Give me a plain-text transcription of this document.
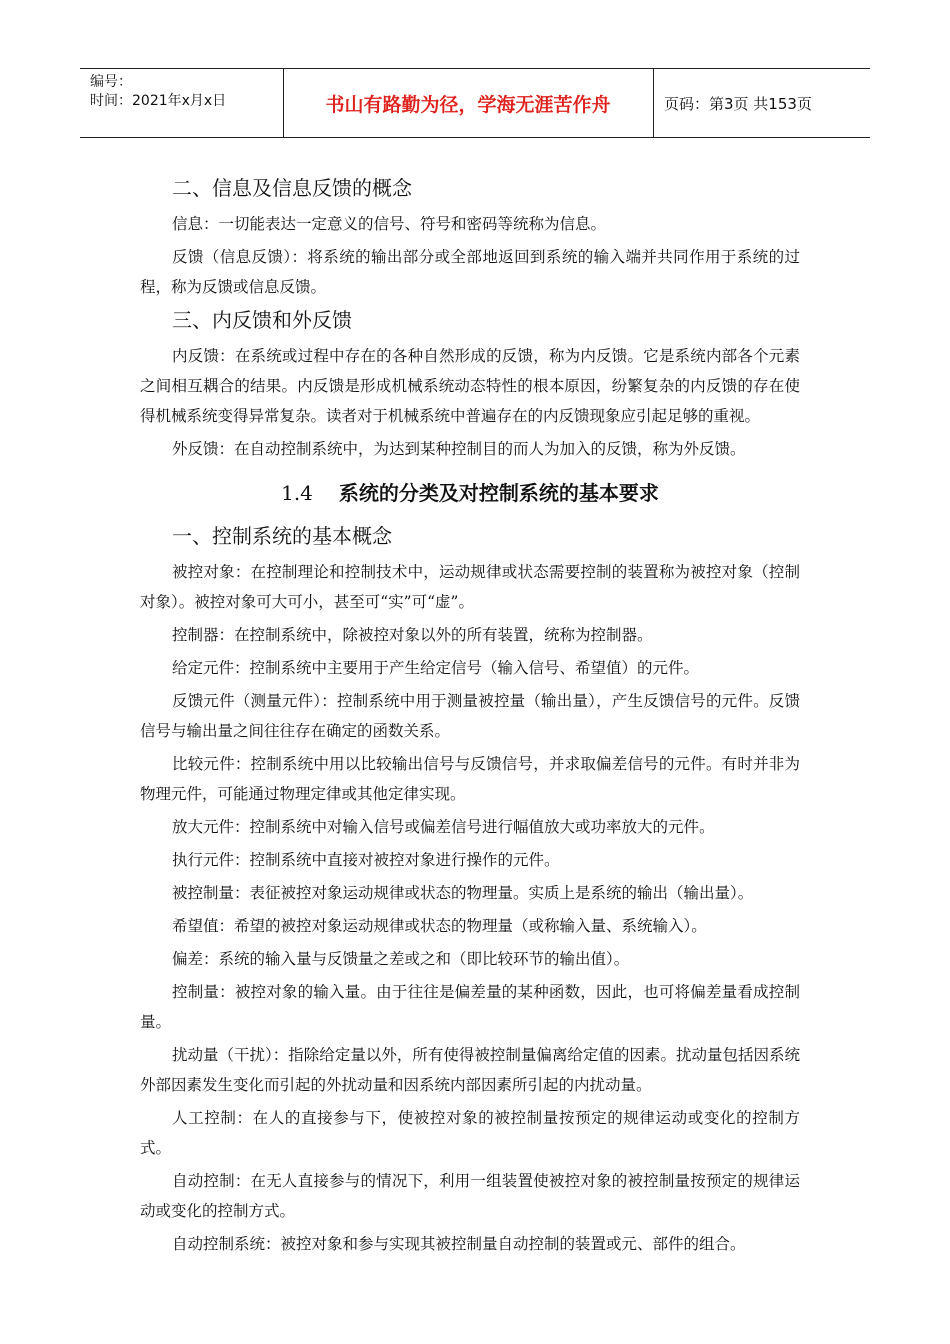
编号：
时间：2021年x月x日	书山有路勤为径，学海无涯苦作舟	页码：第3页 共153页
二、信息及信息反馈的概念
信息：一切能表达一定意义的信号、符号和密码等统称为信息。
反馈（信息反馈）：将系统的输出部分或全部地返回到系统的输入端并共同作用于系统的过程，称为反馈或信息反馈。
三、内反馈和外反馈
内反馈：在系统或过程中存在的各种自然形成的反馈，称为内反馈。它是系统内部各个元素之间相互耦合的结果。内反馈是形成机械系统动态特性的根本原因，纷繁复杂的内反馈的存在使得机械系统变得异常复杂。读者对于机械系统中普遍存在的内反馈现象应引起足够的重视。
外反馈：在自动控制系统中，为达到某种控制目的而人为加入的反馈，称为外反馈。
1.4 系统的分类及对控制系统的基本要求
一、控制系统的基本概念
被控对象：在控制理论和控制技术中，运动规律或状态需要控制的装置称为被控对象（控制对象）。被控对象可大可小，甚至可“实”可“虚”。
控制器：在控制系统中，除被控对象以外的所有装置，统称为控制器。
给定元件：控制系统中主要用于产生给定信号（输入信号、希望值）的元件。
反馈元件（测量元件）：控制系统中用于测量被控量（输出量），产生反馈信号的元件。反馈信号与输出量之间往往存在确定的函数关系。
比较元件：控制系统中用以比较输出信号与反馈信号，并求取偏差信号的元件。有时并非为物理元件，可能通过物理定律或其他定律实现。
放大元件：控制系统中对输入信号或偏差信号进行幅值放大或功率放大的元件。
执行元件：控制系统中直接对被控对象进行操作的元件。
被控制量：表征被控对象运动规律或状态的物理量。实质上是系统的输出（输出量）。
希望值：希望的被控对象运动规律或状态的物理量（或称输入量、系统输入）。
偏差：系统的输入量与反馈量之差或之和（即比较环节的输出值）。
控制量：被控对象的输入量。由于往往是偏差量的某种函数，因此，也可将偏差量看成控制量。
扰动量（干扰）：指除给定量以外，所有使得被控制量偏离给定值的因素。扰动量包括因系统外部因素发生变化而引起的外扰动量和因系统内部因素所引起的内扰动量。
人工控制：在人的直接参与下，使被控对象的被控制量按预定的规律运动或变化的控制方式。
自动控制：在无人直接参与的情况下，利用一组装置使被控对象的被控制量按预定的规律运动或变化的控制方式。
自动控制系统：被控对象和参与实现其被控制量自动控制的装置或元、部件的组合。
